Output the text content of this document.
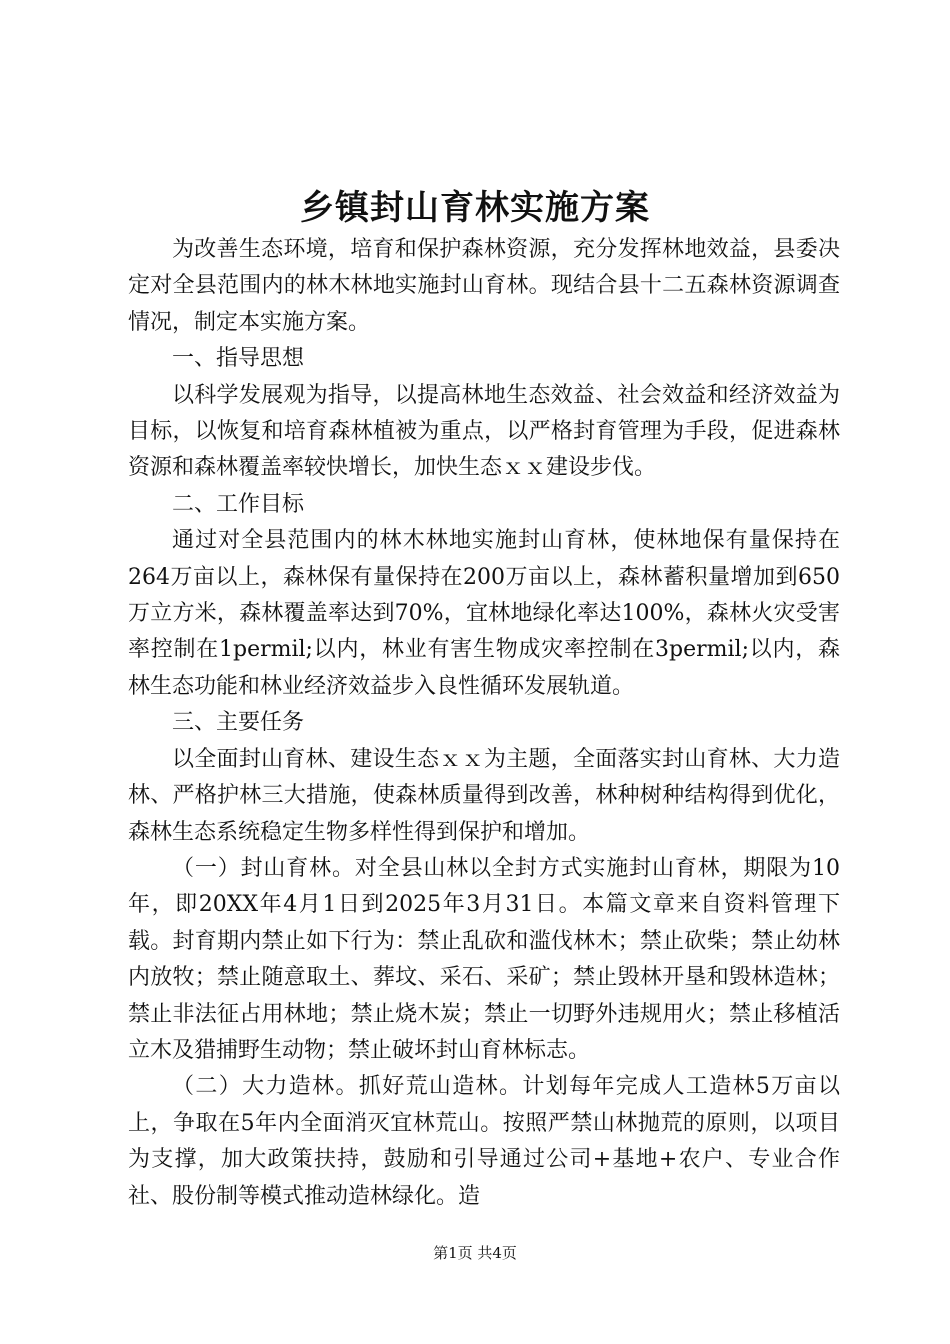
乡镇封山育林实施方案

为改善生态环境，培育和保护森林资源，充分发挥林地效益，县委决定对全县范围内的林木林地实施封山育林。现结合县十二五森林资源调查情况，制定本实施方案。

一、指导思想

以科学发展观为指导，以提高林地生态效益、社会效益和经济效益为目标，以恢复和培育森林植被为重点，以严格封育管理为手段，促进森林资源和森林覆盖率较快增长，加快生态ｘｘ建设步伐。

二、工作目标

通过对全县范围内的林木林地实施封山育林，使林地保有量保持在264万亩以上，森林保有量保持在200万亩以上，森林蓄积量增加到650万立方米，森林覆盖率达到70%，宜林地绿化率达100%，森林火灾受害率控制在1permil;以内，林业有害生物成灾率控制在3permil;以内，森林生态功能和林业经济效益步入良性循环发展轨道。

三、主要任务

以全面封山育林、建设生态ｘｘ为主题，全面落实封山育林、大力造林、严格护林三大措施，使森林质量得到改善，林种树种结构得到优化，森林生态系统稳定生物多样性得到保护和增加。

（一）封山育林。对全县山林以全封方式实施封山育林，期限为10年，即20XX年4月1日到2025年3月31日。本篇文章来自资料管理下载。封育期内禁止如下行为：禁止乱砍和滥伐林木；禁止砍柴；禁止幼林内放牧；禁止随意取土、葬坟、采石、采矿；禁止毁林开垦和毁林造林；禁止非法征占用林地；禁止烧木炭；禁止一切野外违规用火；禁止移植活立木及猎捕野生动物；禁止破坏封山育林标志。

（二）大力造林。抓好荒山造林。计划每年完成人工造林5万亩以上，争取在5年内全面消灭宜林荒山。按照严禁山林抛荒的原则，以项目为支撑，加大政策扶持，鼓励和引导通过公司+基地+农户、专业合作社、股份制等模式推动造林绿化。造

第1页 共4页
